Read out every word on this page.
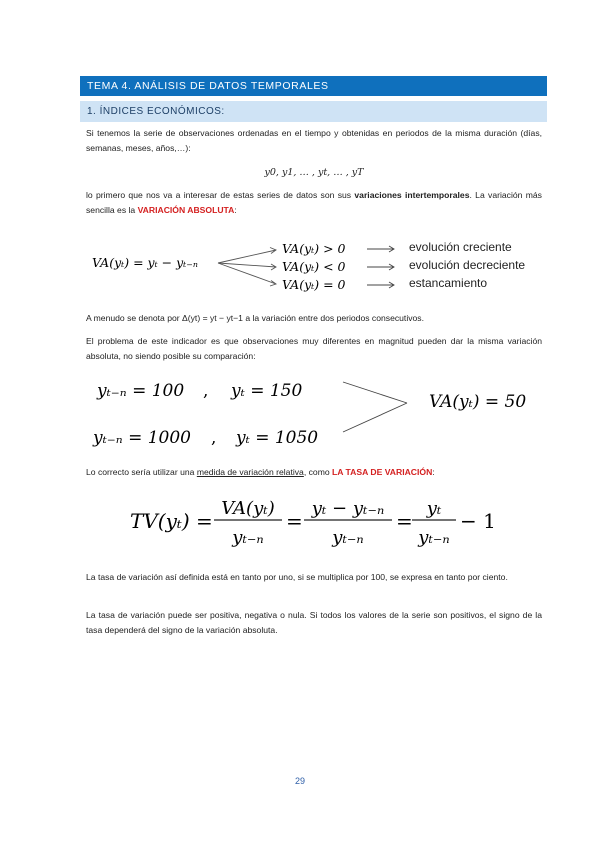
TEMA 4. ANÁLISIS DE DATOS TEMPORALES
1. ÍNDICES ECONÓMICOS:
Si tenemos la serie de observaciones ordenadas en el tiempo y obtenidas en periodos de la misma duración (días, semanas, meses, años,…):
y0, y1, … , yt, … , yT
lo primero que nos va a interesar de estas series de datos son sus variaciones intertemporales. La variación más sencilla es la VARIACIÓN ABSOLUTA:
VA(yₜ) = yₜ − yₜ₋ₙ
VA(yₜ) > 0
VA(yₜ) < 0
VA(yₜ) = 0
evolución creciente
evolución decreciente
estancamiento
A menudo se denota por Δ(yt) = yt − yt−1 a la variación entre dos periodos consecutivos.
El problema de este indicador es que observaciones muy diferentes en magnitud pueden dar la misma variación absoluta, no siendo posible su comparación:
yₜ₋ₙ = 100 , yₜ = 150
yₜ₋ₙ = 1000 , yₜ = 1050
VA(yₜ) = 50
Lo correcto sería utilizar una medida de variación relativa, como LA TASA DE VARIACIÓN:
TV(yₜ) =
VA(yₜ)
yₜ₋ₙ
=
yₜ − yₜ₋ₙ
yₜ₋ₙ
=
yₜ
yₜ₋ₙ
− 1
La tasa de variación así definida está en tanto por uno, si se multiplica por 100, se expresa en tanto por ciento.
La tasa de variación puede ser positiva, negativa o nula. Si todos los valores de la serie son positivos, el signo de la tasa dependerá del signo de la variación absoluta.
29
